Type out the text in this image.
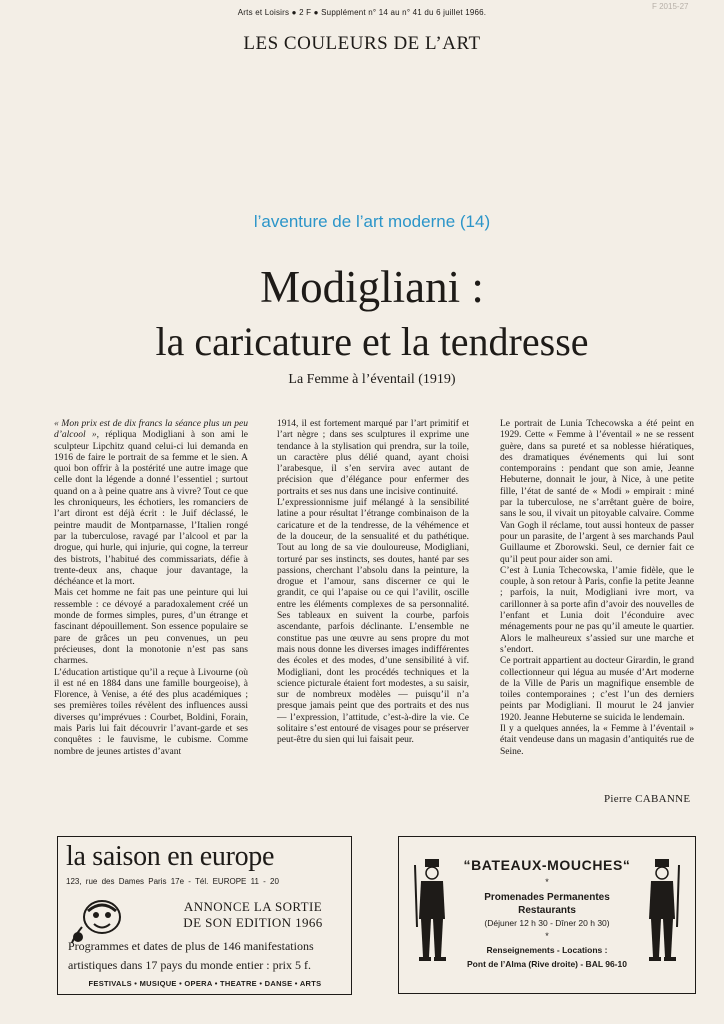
Arts et Loisirs ● 2 F ● Supplément n° 14 au n° 41 du 6 juillet 1966.
F 2015-27
LES COULEURS DE L’ART
l’aventure de l’art moderne (14)
Modigliani :
la caricature et la tendresse
La Femme à l’éventail (1919)

« Mon prix est de dix francs la séance plus un peu d’alcool », répliqua Modigliani à son ami le sculpteur Lipchitz quand celui-ci lui demanda en 1916 de faire le portrait de sa femme et le sien. A quoi bon offrir à la postérité une autre image que celle dont la légende a donné l’essentiel ; surtout quand on a à peine quatre ans à vivre? Tout ce que les chroniqueurs, les échotiers, les romanciers de l’art diront est déjà écrit : le Juif déclassé, le peintre maudit de Montparnasse, l’Italien rongé par la tuberculose, ravagé par l’alcool et par la drogue, qui hurle, qui injurie, qui cogne, la terreur des bistrots, l’habitué des commissariats, défie à trente-deux ans, chaque jour davantage, la déchéance et la mort.

Mais cet homme ne fait pas une peinture qui lui ressemble : ce dévoyé a paradoxalement créé un monde de formes simples, pures, d’un étrange et fascinant dépouillement. Son essence populaire se pare de grâces un peu convenues, un peu précieuses, dont la monotonie n’est pas sans charmes.

L’éducation artistique qu’il a reçue à Livourne (où il est né en 1884 dans une famille bourgeoise), à Florence, à Venise, a été des plus académiques ; ses premières toiles révèlent des influences aussi diverses qu’imprévues : Courbet, Boldini, Forain, mais Paris lui fait découvrir l’avant-garde et ses conquêtes : le fauvisme, le cubisme. Comme nombre de jeunes artistes d’avant

1914, il est fortement marqué par l’art primitif et l’art nègre ; dans ses sculptures il exprime une tendance à la stylisation qui prendra, sur la toile, un caractère plus délié quand, ayant choisi l’arabesque, il s’en servira avec autant de précision que d’élégance pour enfermer des portraits et ses nus dans une incisive continuité.

L’expressionnisme juif mélangé à la sensibilité latine a pour résultat l’étrange combinaison de la caricature et de la tendresse, de la véhémence et de la douceur, de la sensualité et du pathétique. Tout au long de sa vie douloureuse, Modigliani, torturé par ses instincts, ses doutes, hanté par ses passions, cherchant l’absolu dans la peinture, la drogue et l’amour, sans discerner ce qui le grandit, ce qui l’apaise ou ce qui l’avilit, oscille entre les éléments complexes de sa personnalité. Ses tableaux en suivent la courbe, parfois ascendante, parfois déclinante. L’ensemble ne constitue pas une œuvre au sens propre du mot mais nous donne les diverses images indifférentes des écoles et des modes, d’une sensibilité à vif. Modigliani, dont les procédés techniques et la science picturale étaient fort modestes, a su saisir, sur de nombreux modèles — puisqu’il n’a presque jamais peint que des portraits et des nus — l’expression, l’attitude, c’est-à-dire la vie. Ce solitaire s’est entouré de visages pour se préserver peut-être du sien qui lui faisait peur.

Le portrait de Lunia Tchecowska a été peint en 1929. Cette « Femme à l’éventail » ne se ressent guère, dans sa pureté et sa noblesse hiératiques, des dramatiques événements qui lui sont contemporains : pendant que son amie, Jeanne Hebuterne, donnait le jour, à Nice, à une petite fille, l’état de santé de « Modi » empirait : miné par la tuberculose, ne s’arrêtant guère de boire, sans le sou, il vivait un pitoyable calvaire. Comme Van Gogh il réclame, tout aussi honteux de passer pour un parasite, de l’argent à ses marchands Paul Guillaume et Zborowski. Seul, ce dernier fait ce qu’il peut pour aider son ami.

C’est à Lunia Tchecowska, l’amie fidèle, que le couple, à son retour à Paris, confie la petite Jeanne ; parfois, la nuit, Modigliani ivre mort, va carillonner à sa porte afin d’avoir des nouvelles de l’enfant et Lunia doit l’éconduire avec ménagements pour ne pas qu’il ameute le quartier. Alors le malheureux s’assied sur une marche et s’endort.

Ce portrait appartient au docteur Girardin, le grand collectionneur qui légua au musée d’Art moderne de la Ville de Paris un magnifique ensemble de toiles contemporaines ; c’est l’un des derniers peints par Modigliani. Il mourut le 24 janvier 1920. Jeanne Hebuterne se suicida le lendemain.

Il y a quelques années, la « Femme à l’éventail » était vendeuse dans un magasin d’antiquités rue de Seine.

Pierre CABANNE
la saison en europe
123, rue des Dames Paris 17e - Tél. EUROPE 11 - 20
ANNONCE LA SORTIE
DE SON EDITION 1966
Programmes et dates de plus de 146 manifestations
artistiques dans 17 pays du monde entier : prix 5 f.
FESTIVALS • MUSIQUE • OPERA • THEATRE • DANSE • ARTS
“BATEAUX-MOUCHES“
*
Promenades Permanentes
Restaurants
(Déjuner 12 h 30 - Dîner 20 h 30)
*
Renseignements - Locations :
Pont de l’Alma (Rive droite) - BAL 96-10
